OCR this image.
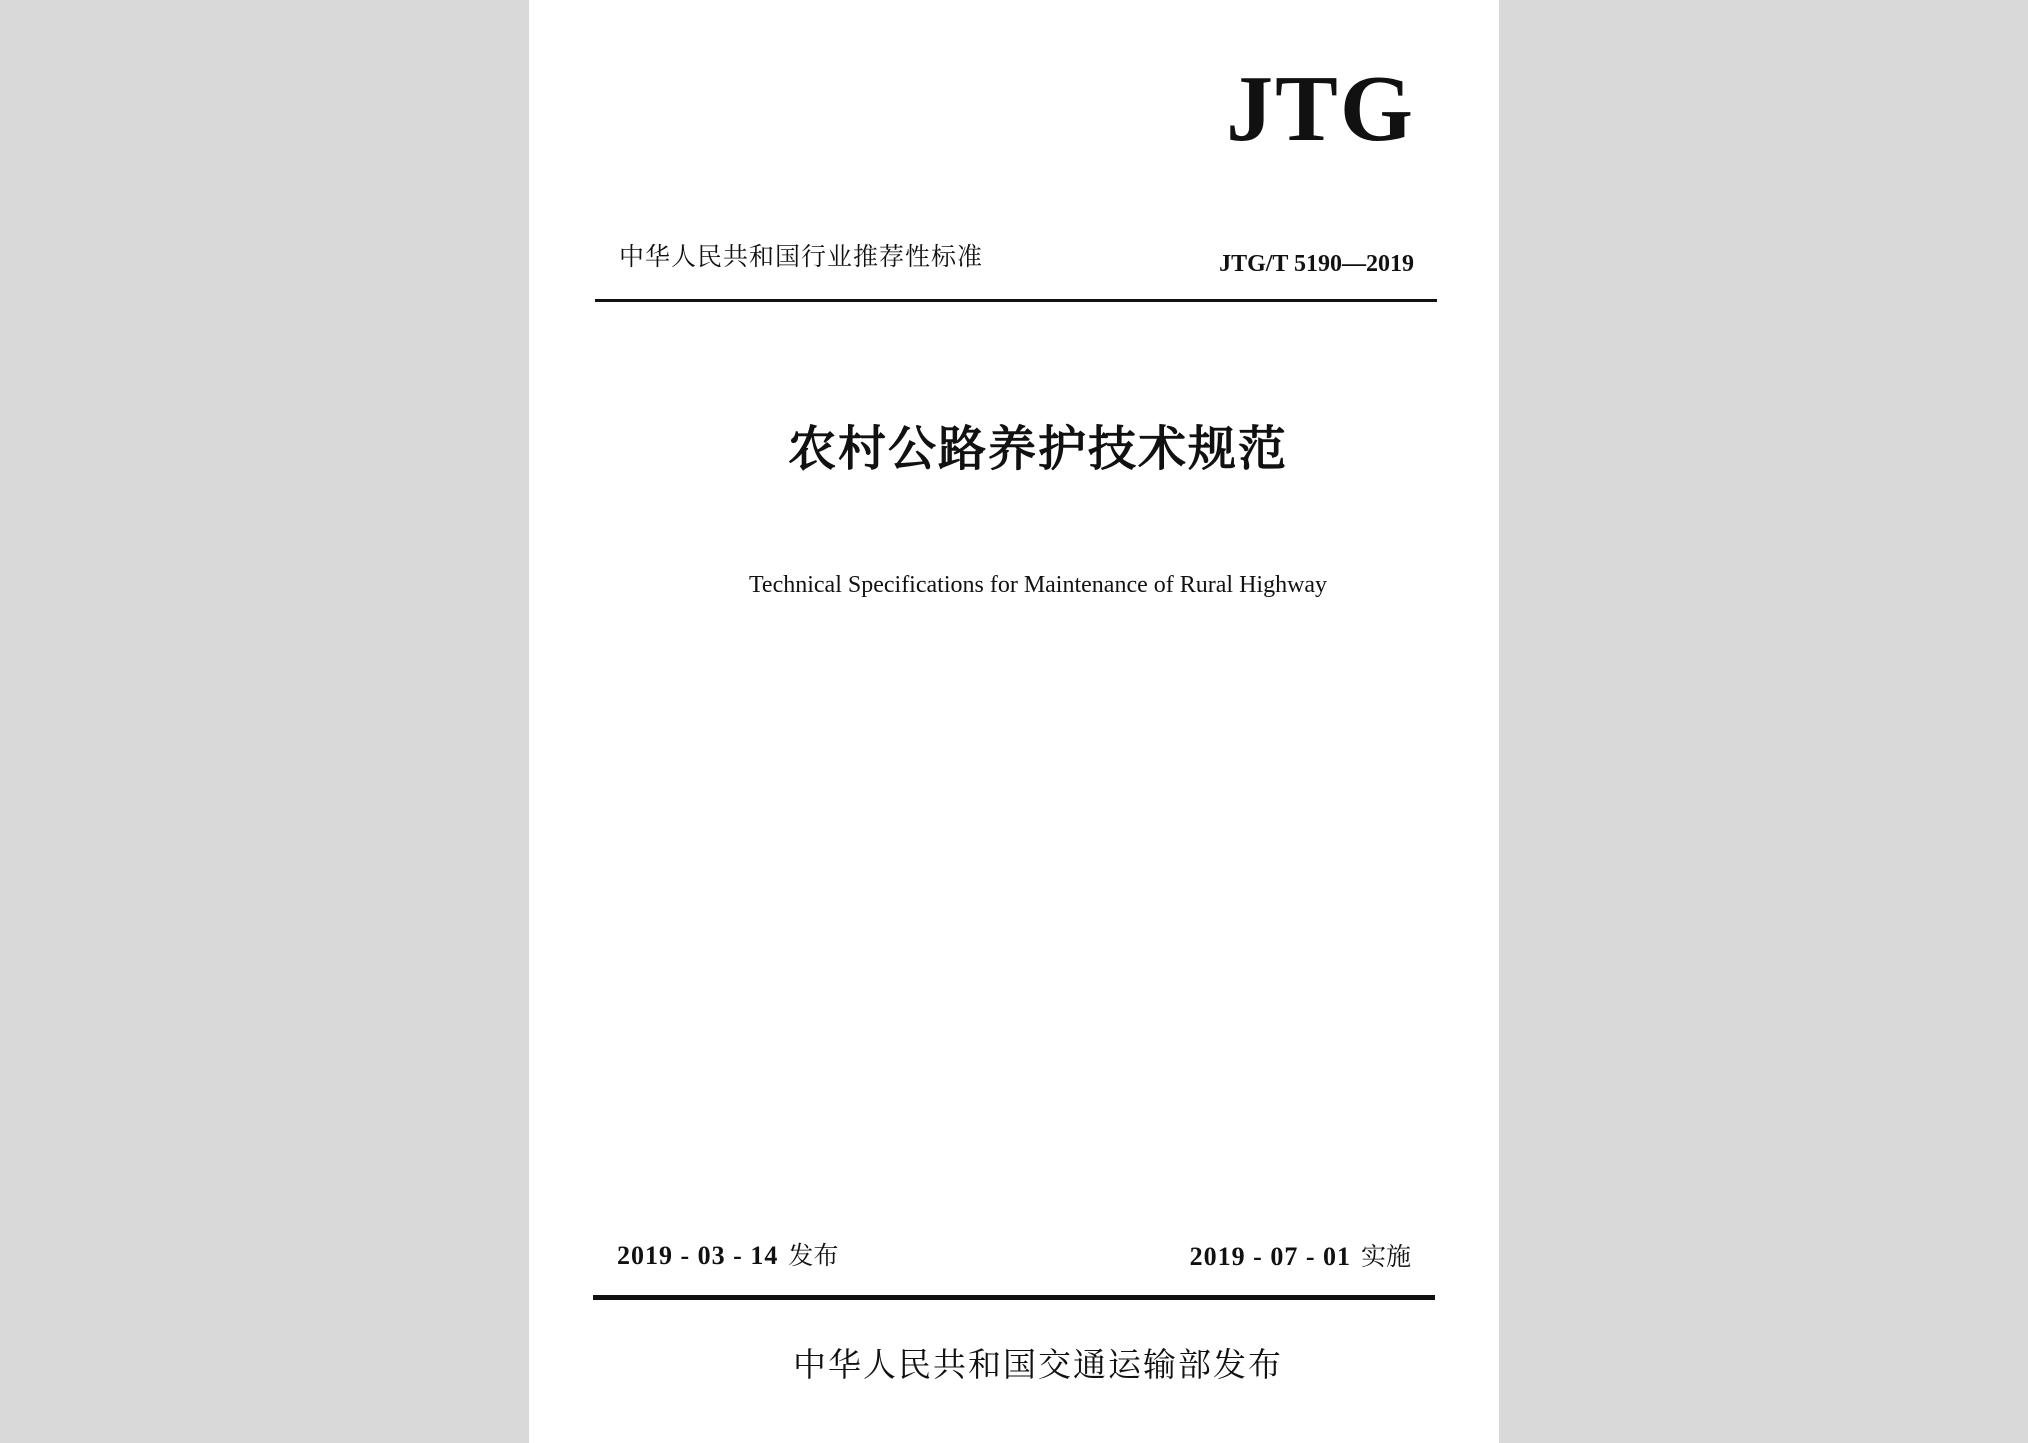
JTG
中华人民共和国行业推荐性标准	JTG/T 5190—2019
农村公路养护技术规范
Technical Specifications for Maintenance of Rural Highway
2019 - 03 - 14 发布	2019 - 07 - 01 实施
中华人民共和国交通运输部发布
